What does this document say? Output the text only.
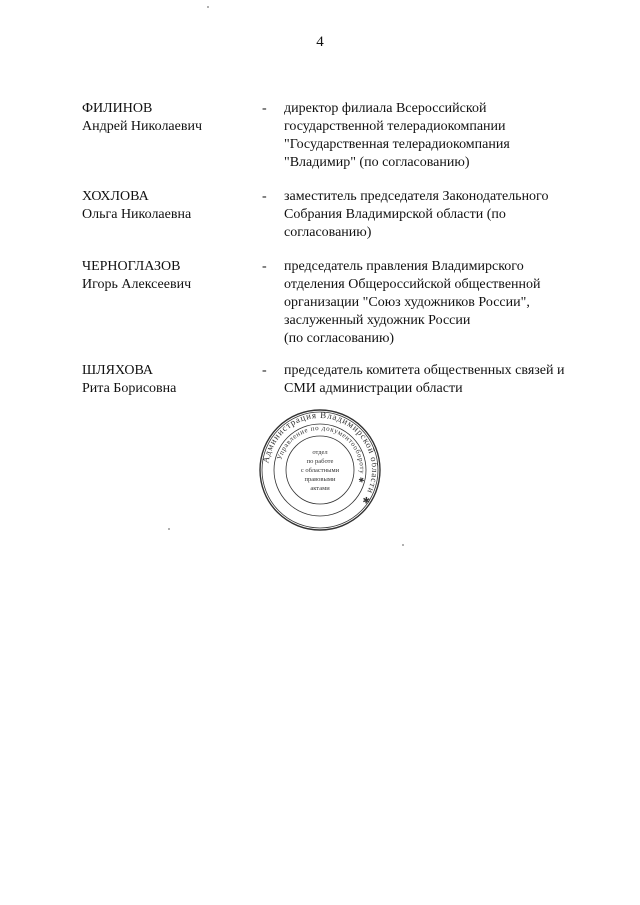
4
ФИЛИНОВ
Андрей Николаевич
-	директор филиала Всероссийской
государственной телерадиокомпании
"Государственная телерадиокомпания
"Владимир" (по согласованию)
ХОХЛОВА
Ольга Николаевна
-	заместитель председателя Законодательного
Собрания Владимирской области (по
согласованию)
ЧЕРНОГЛАЗОВ
Игорь Алексеевич
-	председатель правления Владимирского
отделения Общероссийской общественной
организации "Союз художников России",
заслуженный художник России
(по согласованию)
ШЛЯХОВА
Рита Борисовна
-	председатель комитета общественных связей и
СМИ администрации области
Администрация Владимирской области ✱
Управление по документообороту ✱
отдел
по работе
с областными
правовыми
актами
